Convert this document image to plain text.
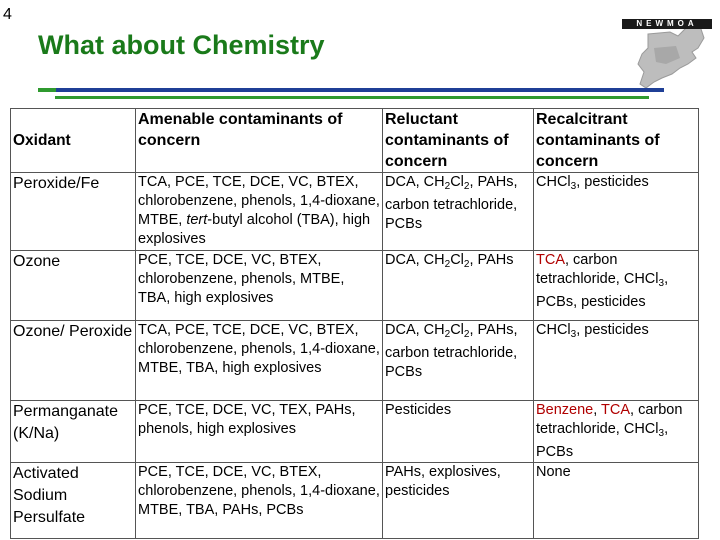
4
What about Chemistry
NEWMOA
Oxidant	Amenable contaminants of concern	Reluctant contaminants of concern	Recalcitrant contaminants of concern
Peroxide/Fe	TCA, PCE, TCE, DCE, VC, BTEX, chlorobenzene, phenols, 1,4-dioxane, MTBE, tert-butyl alcohol (TBA), high explosives	DCA, $CH_2Cl_2$, PAHs, carbon tetrachloride, PCBs	CHCl$_3$, pesticides
Ozone	PCE, TCE, DCE, VC, BTEX, chlorobenzene, phenols, MTBE, TBA, high explosives	DCA, $CH_2Cl_2$, PAHs	TCA, carbon tetrachloride, CHCl$_3$, PCBs, pesticides
Ozone/ Peroxide	TCA, PCE, TCE, DCE, VC, BTEX, chlorobenzene, phenols, 1,4-dioxane, MTBE, TBA, high explosives	DCA, $CH_2Cl_2$, PAHs, carbon tetrachloride, PCBs	CHCl$_3$, pesticides
Permanganate (K/Na)	PCE, TCE, DCE, VC, TEX, PAHs, phenols, high explosives	Pesticides	Benzene, TCA, carbon tetrachloride, CHCl$_3$, PCBs
Activated Sodium Persulfate	PCE, TCE, DCE, VC, BTEX, chlorobenzene, phenols, 1,4-dioxane, MTBE, TBA, PAHs, PCBs	PAHs, explosives, pesticides	None
